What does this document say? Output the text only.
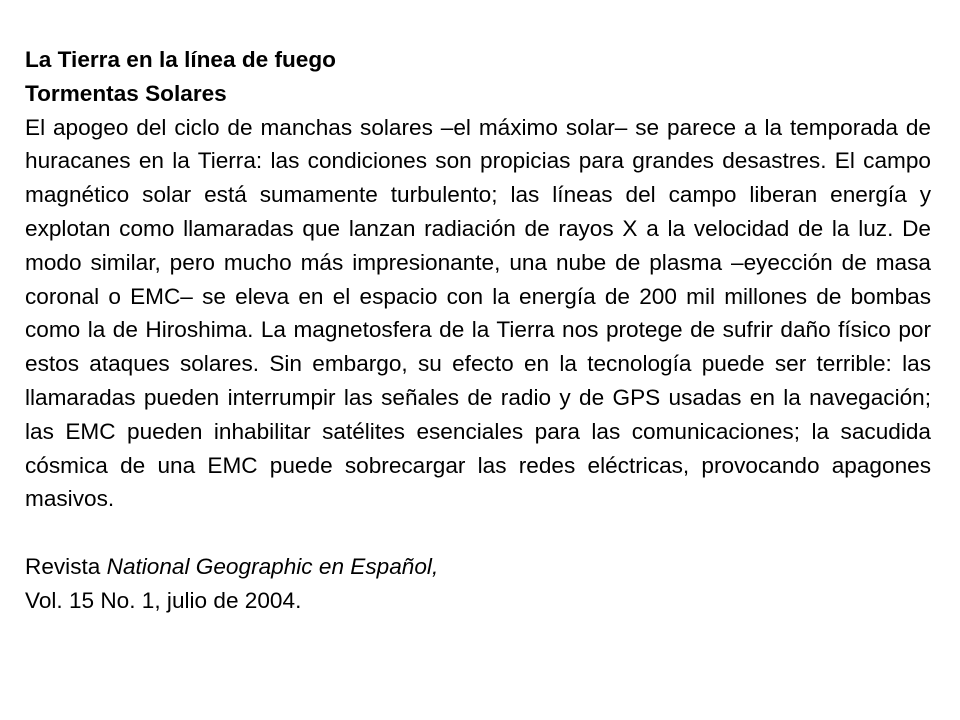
La Tierra en la línea de fuego

Tormentas Solares

El apogeo del ciclo de manchas solares –el máximo solar– se parece a la temporada de huracanes en la Tierra: las condiciones son propicias para grandes desastres. El campo magnético solar está sumamente turbulento; las líneas del campo liberan energía y explotan como llamaradas que lanzan radiación de rayos X a la velocidad de la luz. De modo similar, pero mucho más impresionante, una nube de plasma –eyección de masa coronal o EMC– se eleva en el espacio con la energía de 200 mil millones de bombas como la de Hiroshima. La magnetosfera de la Tierra nos protege de sufrir daño físico por estos ataques solares. Sin embargo, su efecto en la tecnología puede ser terrible: las llamaradas pueden interrumpir las señales de radio y de GPS usadas en la navegación; las EMC pueden inhabilitar satélites esenciales para las comunicaciones; la sacudida cósmica de una EMC puede sobrecargar las redes eléctricas, provocando apagones masivos.

Revista National Geographic en Español,

Vol. 15 No. 1, julio de 2004.
